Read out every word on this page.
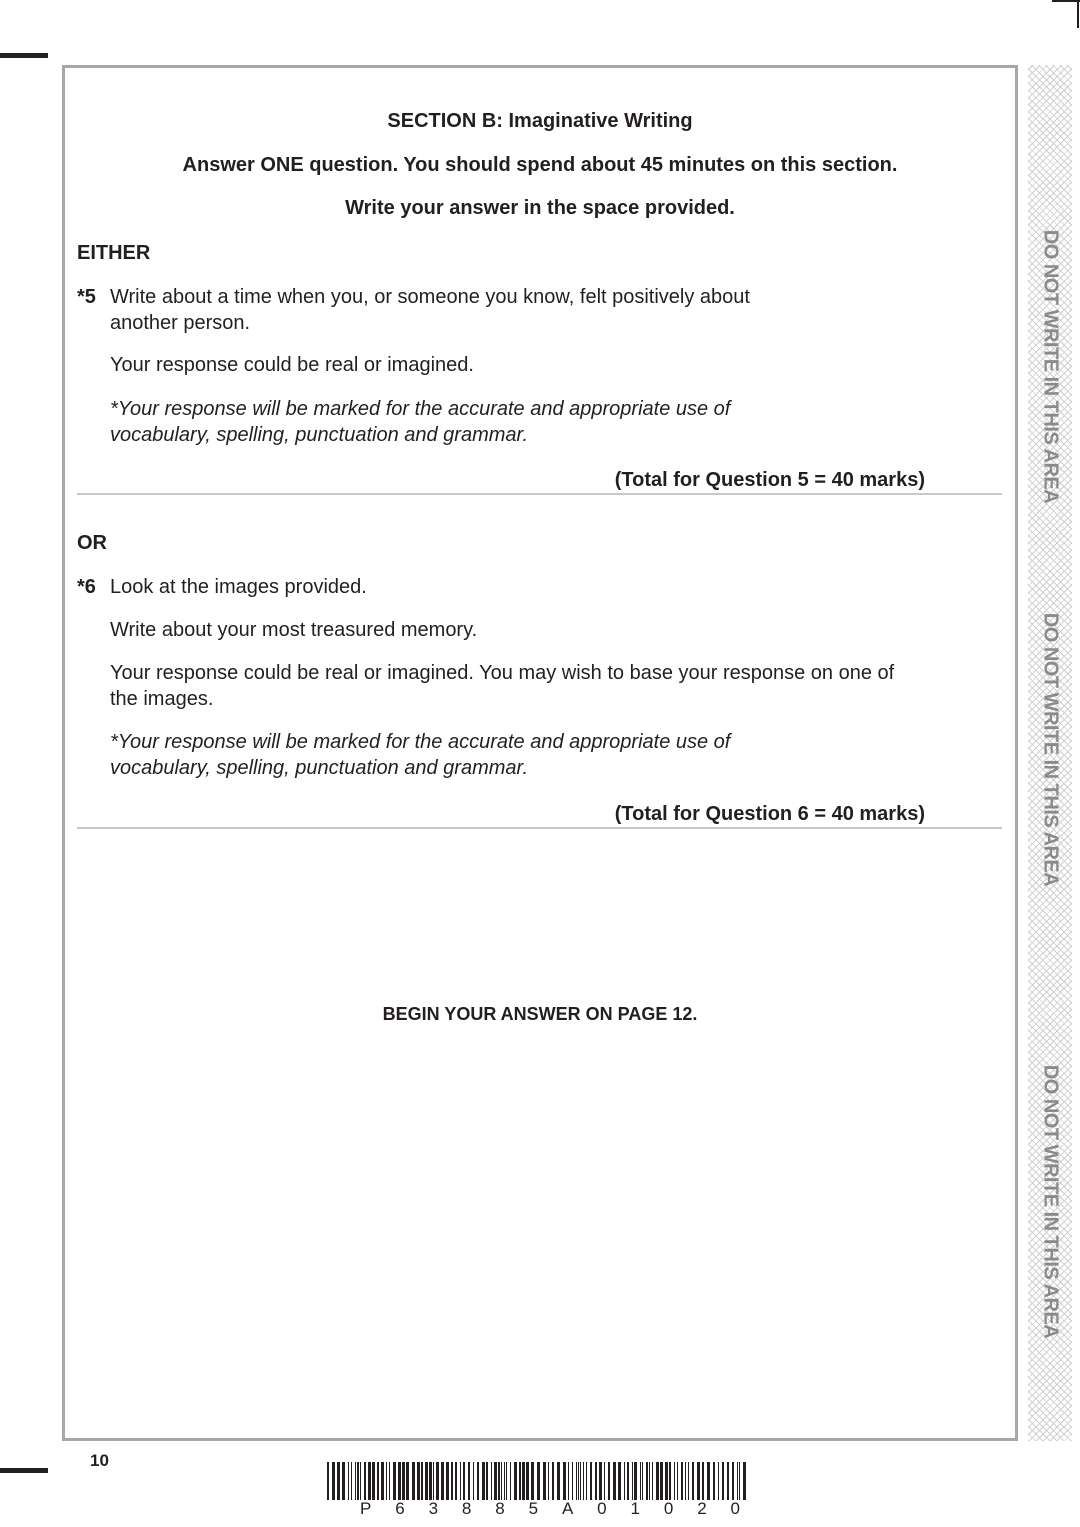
DO NOT WRITE IN THIS AREA
DO NOT WRITE IN THIS AREA
DO NOT WRITE IN THIS AREA
SECTION B: Imaginative Writing
Answer ONE question. You should spend about 45 minutes on this section.
Write your answer in the space provided.
EITHER
*5 Write about a time when you, or someone you know, felt positively about another person.
Your response could be real or imagined.
*Your response will be marked for the accurate and appropriate use of vocabulary, spelling, punctuation and grammar.
(Total for Question 5 = 40 marks)
OR
*6 Look at the images provided.
Write about your most treasured memory.
Your response could be real or imagined. You may wish to base your response on one of the images.
*Your response will be marked for the accurate and appropriate use of vocabulary, spelling, punctuation and grammar.
(Total for Question 6 = 40 marks)
BEGIN YOUR ANSWER ON PAGE 12.
10
P 6 3 8 8 5 A 0 1 0 2 0
